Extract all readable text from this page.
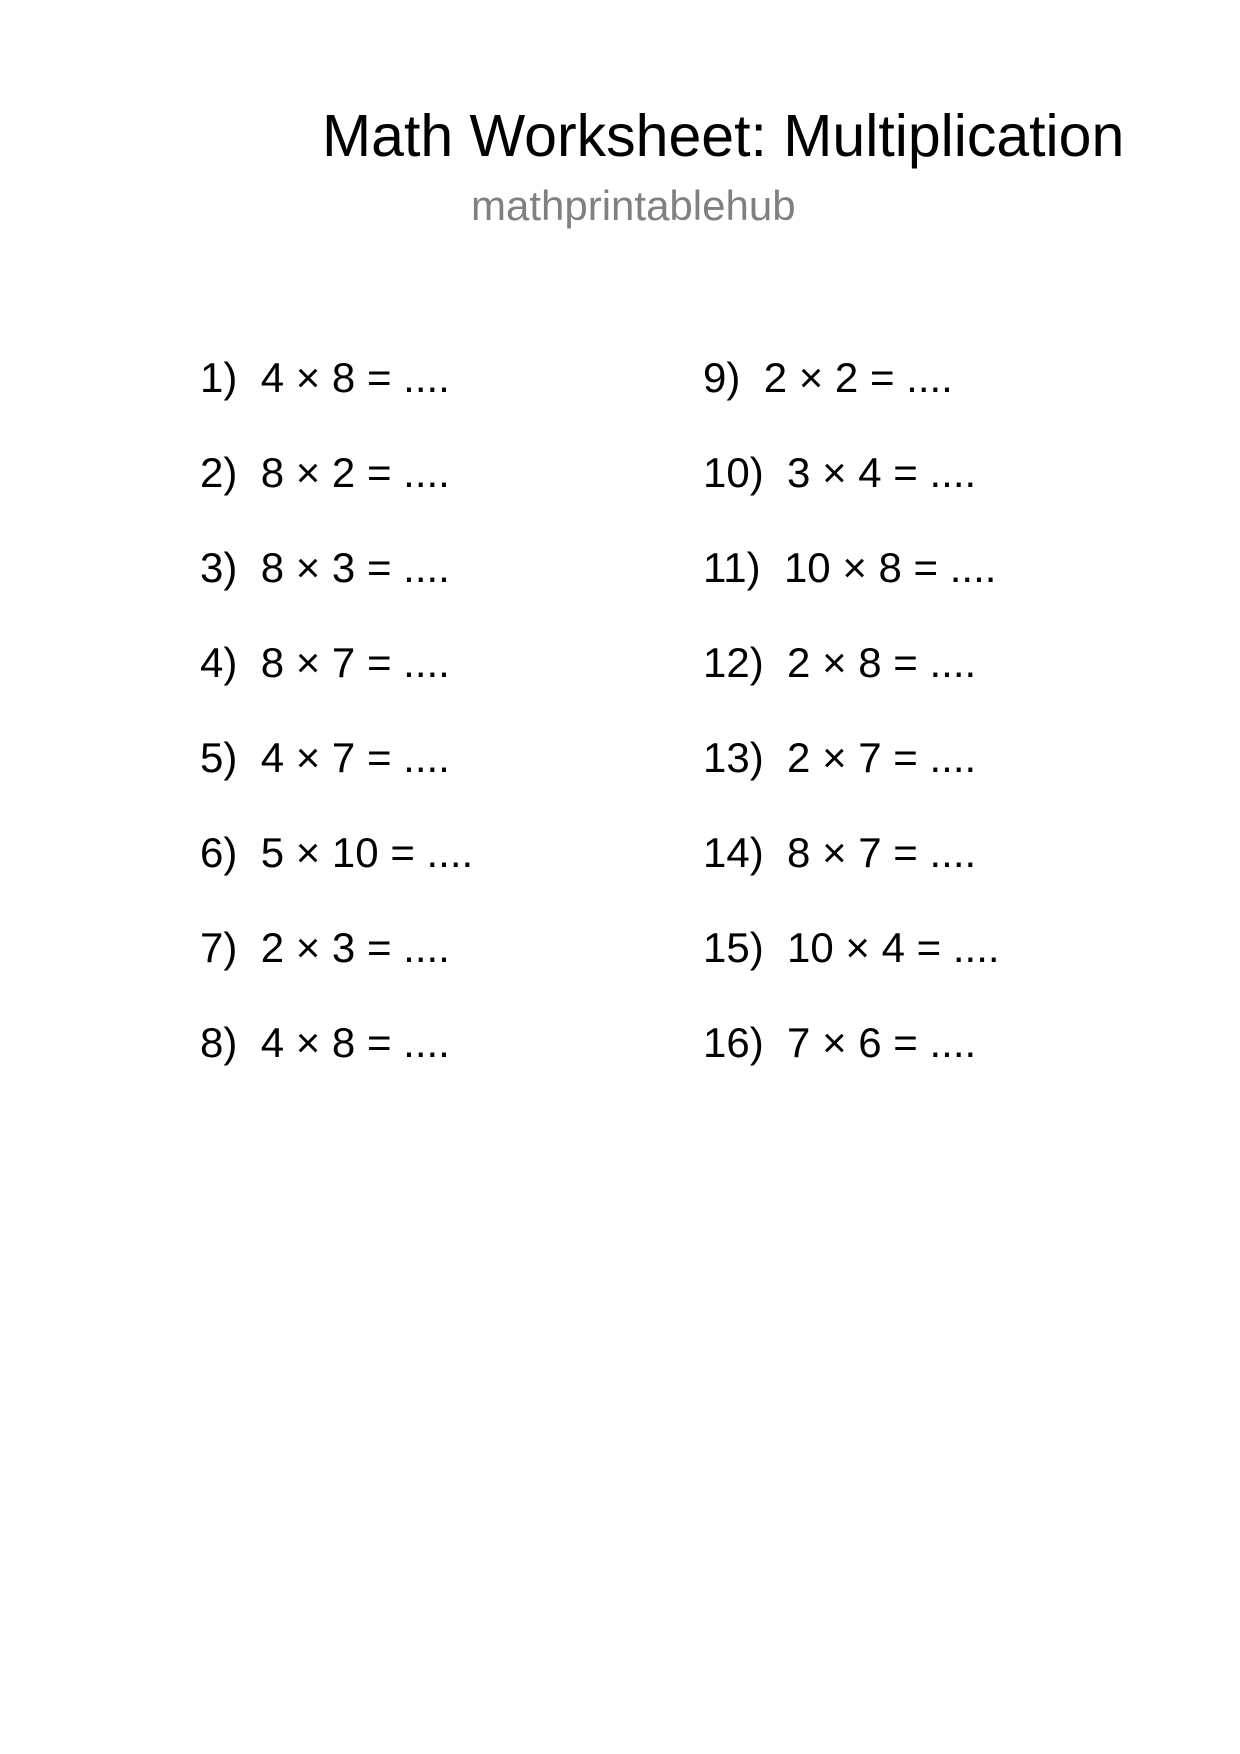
Math Worksheet: Multiplication
mathprintablehub
1) 4 × 8 = ....
2) 8 × 2 = ....
3) 8 × 3 = ....
4) 8 × 7 = ....
5) 4 × 7 = ....
6) 5 × 10 = ....
7) 2 × 3 = ....
8) 4 × 8 = ....
9) 2 × 2 = ....
10) 3 × 4 = ....
11) 10 × 8 = ....
12) 2 × 8 = ....
13) 2 × 7 = ....
14) 8 × 7 = ....
15) 10 × 4 = ....
16) 7 × 6 = ....
